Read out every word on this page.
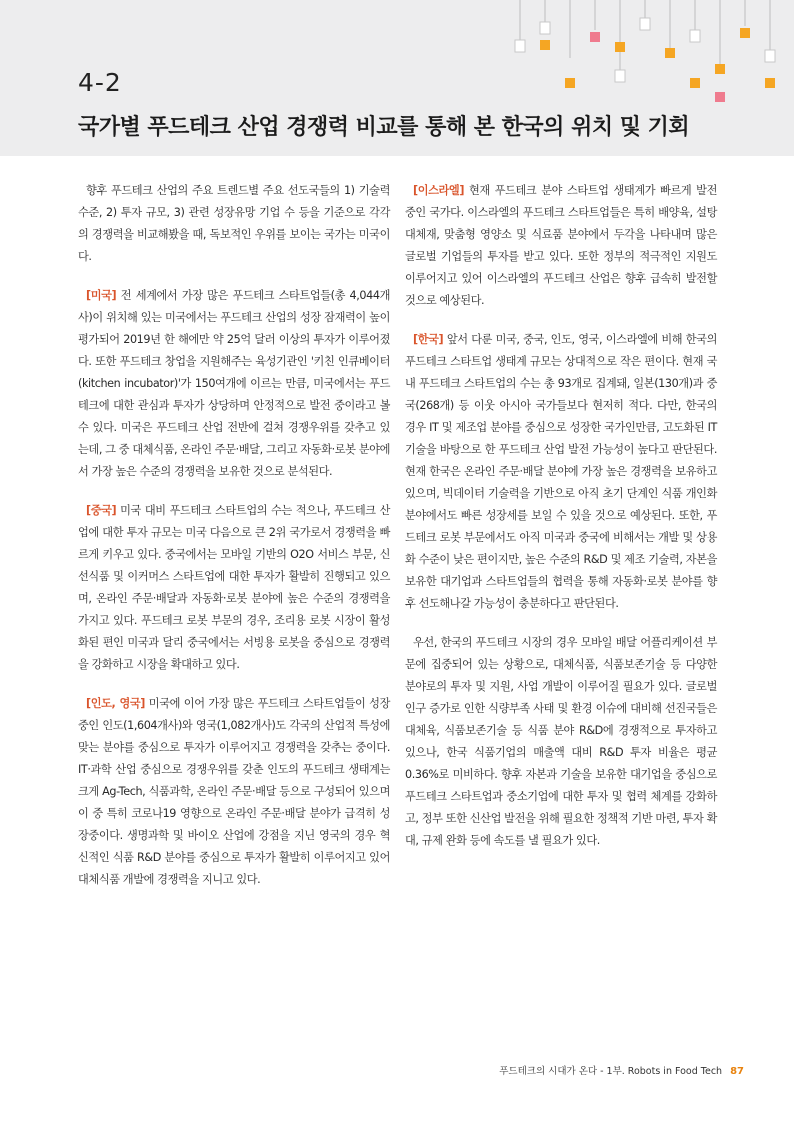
4-2
국가별 푸드테크 산업 경쟁력 비교를 통해 본 한국의 위치 및 기회

향후 푸드테크 산업의 주요 트렌드별 주요 선도국들의 1) 기술력 수준, 2) 투자 규모, 3) 관련 성장유망 기업 수 등을 기준으로 각각의 경쟁력을 비교해봤을 때, 독보적인 우위를 보이는 국가는 미국이다.

[미국] 전 세계에서 가장 많은 푸드테크 스타트업들(총 4,044개사)이 위치해 있는 미국에서는 푸드테크 산업의 성장 잠재력이 높이 평가되어 2019년 한 해에만 약 25억 달러 이상의 투자가 이루어졌다. 또한 푸드테크 창업을 지원해주는 육성기관인 '키친 인큐베이터(kitchen incubator)'가 150여개에 이르는 만큼, 미국에서는 푸드테크에 대한 관심과 투자가 상당하며 안정적으로 발전 중이라고 볼 수 있다. 미국은 푸드테크 산업 전반에 걸쳐 경쟁우위를 갖추고 있는데, 그 중 대체식품, 온라인 주문·배달, 그리고 자동화·로봇 분야에서 가장 높은 수준의 경쟁력을 보유한 것으로 분석된다.

[중국] 미국 대비 푸드테크 스타트업의 수는 적으나, 푸드테크 산업에 대한 투자 규모는 미국 다음으로 큰 2위 국가로서 경쟁력을 빠르게 키우고 있다. 중국에서는 모바일 기반의 O2O 서비스 부문, 신선식품 및 이커머스 스타트업에 대한 투자가 활발히 진행되고 있으며, 온라인 주문·배달과 자동화·로봇 분야에 높은 수준의 경쟁력을 가지고 있다. 푸드테크 로봇 부문의 경우, 조리용 로봇 시장이 활성화된 편인 미국과 달리 중국에서는 서빙용 로봇을 중심으로 경쟁력을 강화하고 시장을 확대하고 있다.

[인도, 영국] 미국에 이어 가장 많은 푸드테크 스타트업들이 성장 중인 인도(1,604개사)와 영국(1,082개사)도 각국의 산업적 특성에 맞는 분야를 중심으로 투자가 이루어지고 경쟁력을 갖추는 중이다. IT·과학 산업 중심으로 경쟁우위를 갖춘 인도의 푸드테크 생태계는 크게 Ag-Tech, 식품과학, 온라인 주문·배달 등으로 구성되어 있으며 이 중 특히 코로나19 영향으로 온라인 주문·배달 분야가 급격히 성장중이다. 생명과학 및 바이오 산업에 강점을 지닌 영국의 경우 혁신적인 식품 R&D 분야를 중심으로 투자가 활발히 이루어지고 있어 대체식품 개발에 경쟁력을 지니고 있다.

[이스라엘] 현재 푸드테크 분야 스타트업 생태계가 빠르게 발전 중인 국가다. 이스라엘의 푸드테크 스타트업들은 특히 배양육, 설탕 대체재, 맞춤형 영양소 및 식료품 분야에서 두각을 나타내며 많은 글로벌 기업들의 투자를 받고 있다. 또한 정부의 적극적인 지원도 이루어지고 있어 이스라엘의 푸드테크 산업은 향후 급속히 발전할 것으로 예상된다.

[한국] 앞서 다룬 미국, 중국, 인도, 영국, 이스라엘에 비해 한국의 푸드테크 스타트업 생태계 규모는 상대적으로 작은 편이다. 현재 국내 푸드테크 스타트업의 수는 총 93개로 집계돼, 일본(130개)과 중국(268개) 등 이웃 아시아 국가들보다 현저히 적다. 다만, 한국의 경우 IT 및 제조업 분야를 중심으로 성장한 국가인만큼, 고도화된 IT 기술을 바탕으로 한 푸드테크 산업 발전 가능성이 높다고 판단된다. 현재 한국은 온라인 주문·배달 분야에 가장 높은 경쟁력을 보유하고 있으며, 빅데이터 기술력을 기반으로 아직 초기 단계인 식품 개인화 분야에서도 빠른 성장세를 보일 수 있을 것으로 예상된다. 또한, 푸드테크 로봇 부문에서도 아직 미국과 중국에 비해서는 개발 및 상용화 수준이 낮은 편이지만, 높은 수준의 R&D 및 제조 기술력, 자본을 보유한 대기업과 스타트업들의 협력을 통해 자동화·로봇 분야를 향후 선도해나갈 가능성이 충분하다고 판단된다.

우선, 한국의 푸드테크 시장의 경우 모바일 배달 어플리케이션 부문에 집중되어 있는 상황으로, 대체식품, 식품보존기술 등 다양한 분야로의 투자 및 지원, 사업 개발이 이루어질 필요가 있다. 글로벌 인구 증가로 인한 식량부족 사태 및 환경 이슈에 대비해 선진국들은 대체육, 식품보존기술 등 식품 분야 R&D에 경쟁적으로 투자하고 있으나, 한국 식품기업의 매출액 대비 R&D 투자 비율은 평균 0.36%로 미비하다. 향후 자본과 기술을 보유한 대기업을 중심으로 푸드테크 스타트업과 중소기업에 대한 투자 및 협력 체계를 강화하고, 정부 또한 신산업 발전을 위해 필요한 정책적 기반 마련, 투자 확대, 규제 완화 등에 속도를 낼 필요가 있다.

푸드테크의 시대가 온다 - 1부. Robots in Food Tech 87
